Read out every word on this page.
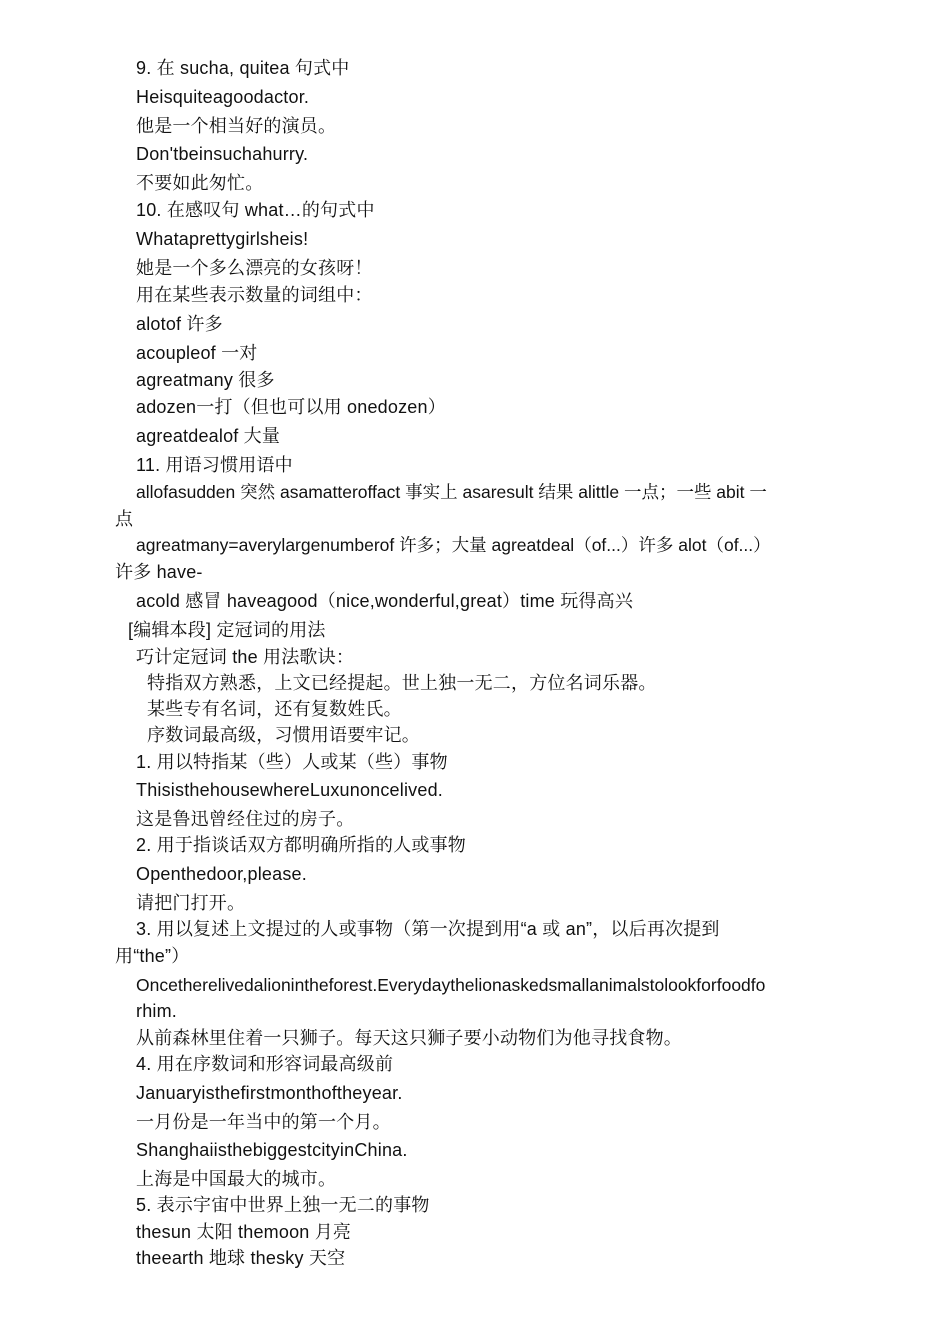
9. 在 sucha, quitea 句式中
Heisquiteagoodactor.
他是一个相当好的演员。
Don'tbeinsuchahurry.
不要如此匆忙。
10. 在感叹句 what…的句式中
Whataprettygirlsheis!
她是一个多么漂亮的女孩呀！
用在某些表示数量的词组中：
alotof 许多
acoupleof 一对
agreatmany 很多
adozen一打（但也可以用 onedozen）
agreatdealof 大量
11. 用语习惯用语中
allofasudden 突然 asamatteroffact 事实上 asaresult 结果 alittle 一点；一些 abit 一
点
agreatmany=averylargenumberof 许多；大量 agreatdeal（of...）许多 alot（of...）
许多 have-
acold 感冒 haveagood（nice,wonderful,great）time 玩得高兴
[编辑本段] 定冠词的用法
巧计定冠词 the 用法歌诀：
特指双方熟悉，上文已经提起。世上独一无二，方位名词乐器。
某些专有名词，还有复数姓氏。
序数词最高级，习惯用语要牢记。
1. 用以特指某（些）人或某（些）事物
ThisisthehousewhereLuxunoncelived.
这是鲁迅曾经住过的房子。
2. 用于指谈话双方都明确所指的人或事物
Openthedoor,please.
请把门打开。
3. 用以复述上文提过的人或事物（第一次提到用“a 或 an”，以后再次提到
用“the”）
Oncetherelivedalionintheforest.Everydaythelionaskedsmallanimalstolookforfoodfo
rhim.
从前森林里住着一只狮子。每天这只狮子要小动物们为他寻找食物。
4. 用在序数词和形容词最高级前
Januaryisthefirstmonthoftheyear.
一月份是一年当中的第一个月。
ShanghaiisthebiggestcityinChina.
上海是中国最大的城市。
5. 表示宇宙中世界上独一无二的事物
thesun 太阳 themoon 月亮
theearth 地球 thesky 天空
